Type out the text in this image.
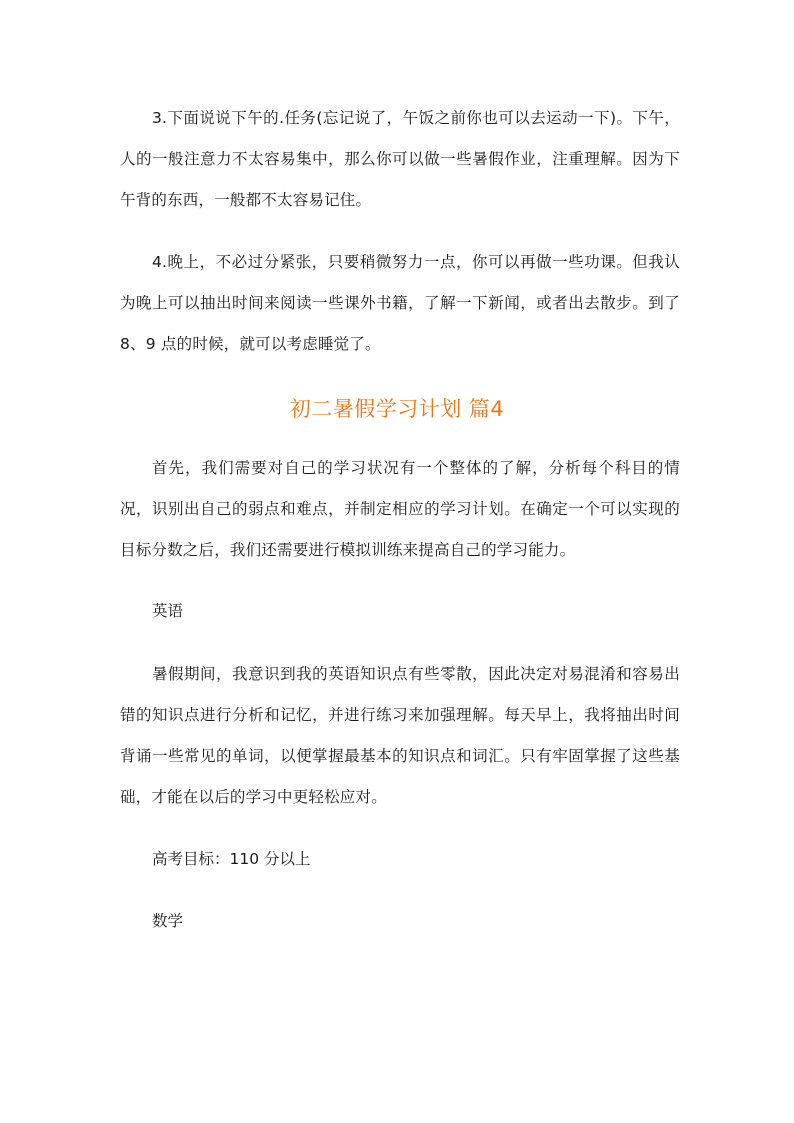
3.下面说说下午的.任务(忘记说了，午饭之前你也可以去运动一下)。下午，人的一般注意力不太容易集中，那么你可以做一些暑假作业，注重理解。因为下午背的东西，一般都不太容易记住。

4.晚上，不必过分紧张，只要稍微努力一点，你可以再做一些功课。但我认为晚上可以抽出时间来阅读一些课外书籍，了解一下新闻，或者出去散步。到了 8、9 点的时候，就可以考虑睡觉了。

初二暑假学习计划 篇4

首先，我们需要对自己的学习状况有一个整体的了解，分析每个科目的情况，识别出自己的弱点和难点，并制定相应的学习计划。在确定一个可以实现的目标分数之后，我们还需要进行模拟训练来提高自己的学习能力。

英语

暑假期间，我意识到我的英语知识点有些零散，因此决定对易混淆和容易出错的知识点进行分析和记忆，并进行练习来加强理解。每天早上，我将抽出时间背诵一些常见的单词，以便掌握最基本的知识点和词汇。只有牢固掌握了这些基础，才能在以后的学习中更轻松应对。

高考目标：110 分以上

数学
